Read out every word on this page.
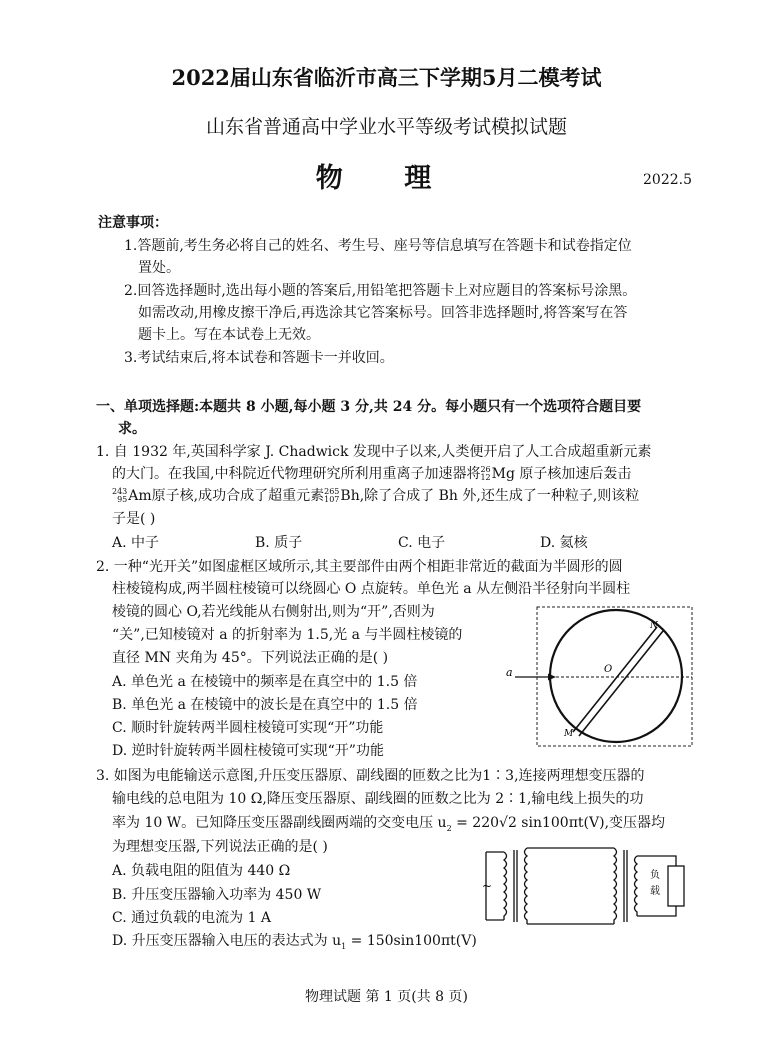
2022届山东省临沂市高三下学期5月二模考试
山东省普通高中学业水平等级考试模拟试题
物 理	2022.5
注意事项：
1.答题前,考生务必将自己的姓名、考生号、座号等信息填写在答题卡和试卷指定位
置处。
2.回答选择题时,选出每小题的答案后,用铅笔把答题卡上对应题目的答案标号涂黑。
如需改动,用橡皮擦干净后,再选涂其它答案标号。回答非选择题时,将答案写在答
题卡上。写在本试卷上无效。
3.考试结束后,将本试卷和答题卡一并收回。
一、单项选择题:本题共 8 小题,每小题 3 分,共 24 分。每小题只有一个选项符合题目要
求。
1. 自 1932 年,英国科学家 J. Chadwick 发现中子以来,人类便开启了人工合成超重新元素
的大门。在我国,中科院近代物理研究所利用重离子加速器将26
12Mg 原子核加速后轰击
243
95Am原子核,成功合成了超重元素265
107Bh,除了合成了 Bh 外,还生成了一种粒子,则该粒
子是( )
A. 中子	B. 质子	C. 电子	D. 氦核
2. 一种“光开关”如图虚框区域所示,其主要部件由两个相距非常近的截面为半圆形的圆
柱棱镜构成,两半圆柱棱镜可以绕圆心 O 点旋转。单色光 a 从左侧沿半径射向半圆柱
棱镜的圆心 O,若光线能从右侧射出,则为“开”,否则为
“关”,已知棱镜对 a 的折射率为 1.5,光 a 与半圆柱棱镜的
直径 MN 夹角为 45°。下列说法正确的是( )
A. 单色光 a 在棱镜中的频率是在真空中的 1.5 倍
B. 单色光 a 在棱镜中的波长是在真空中的 1.5 倍
C. 顺时针旋转两半圆柱棱镜可实现“开”功能
D. 逆时针旋转两半圆柱棱镜可实现“开”功能
a	O
N
M
3. 如图为电能输送示意图,升压变压器原、副线圈的匝数之比为1∶3,连接两理想变压器的
输电线的总电阻为 10 Ω,降压变压器原、副线圈的匝数之比为 2∶1,输电线上损失的功
率为 10 W。已知降压变压器副线圈两端的交变电压 $u_2 = 220√2$ sin100πt(V),变压器均
为理想变压器,下列说法正确的是( )
A. 负载电阻的阻值为 440 Ω
B. 升压变压器输入功率为 450 W
C. 通过负载的电流为 1 A
D. 升压变压器输入电压的表达式为 $u_1 = 150\sin 100\pi t(V)$
~
负
载
物理试题 第 1 页(共 8 页)
